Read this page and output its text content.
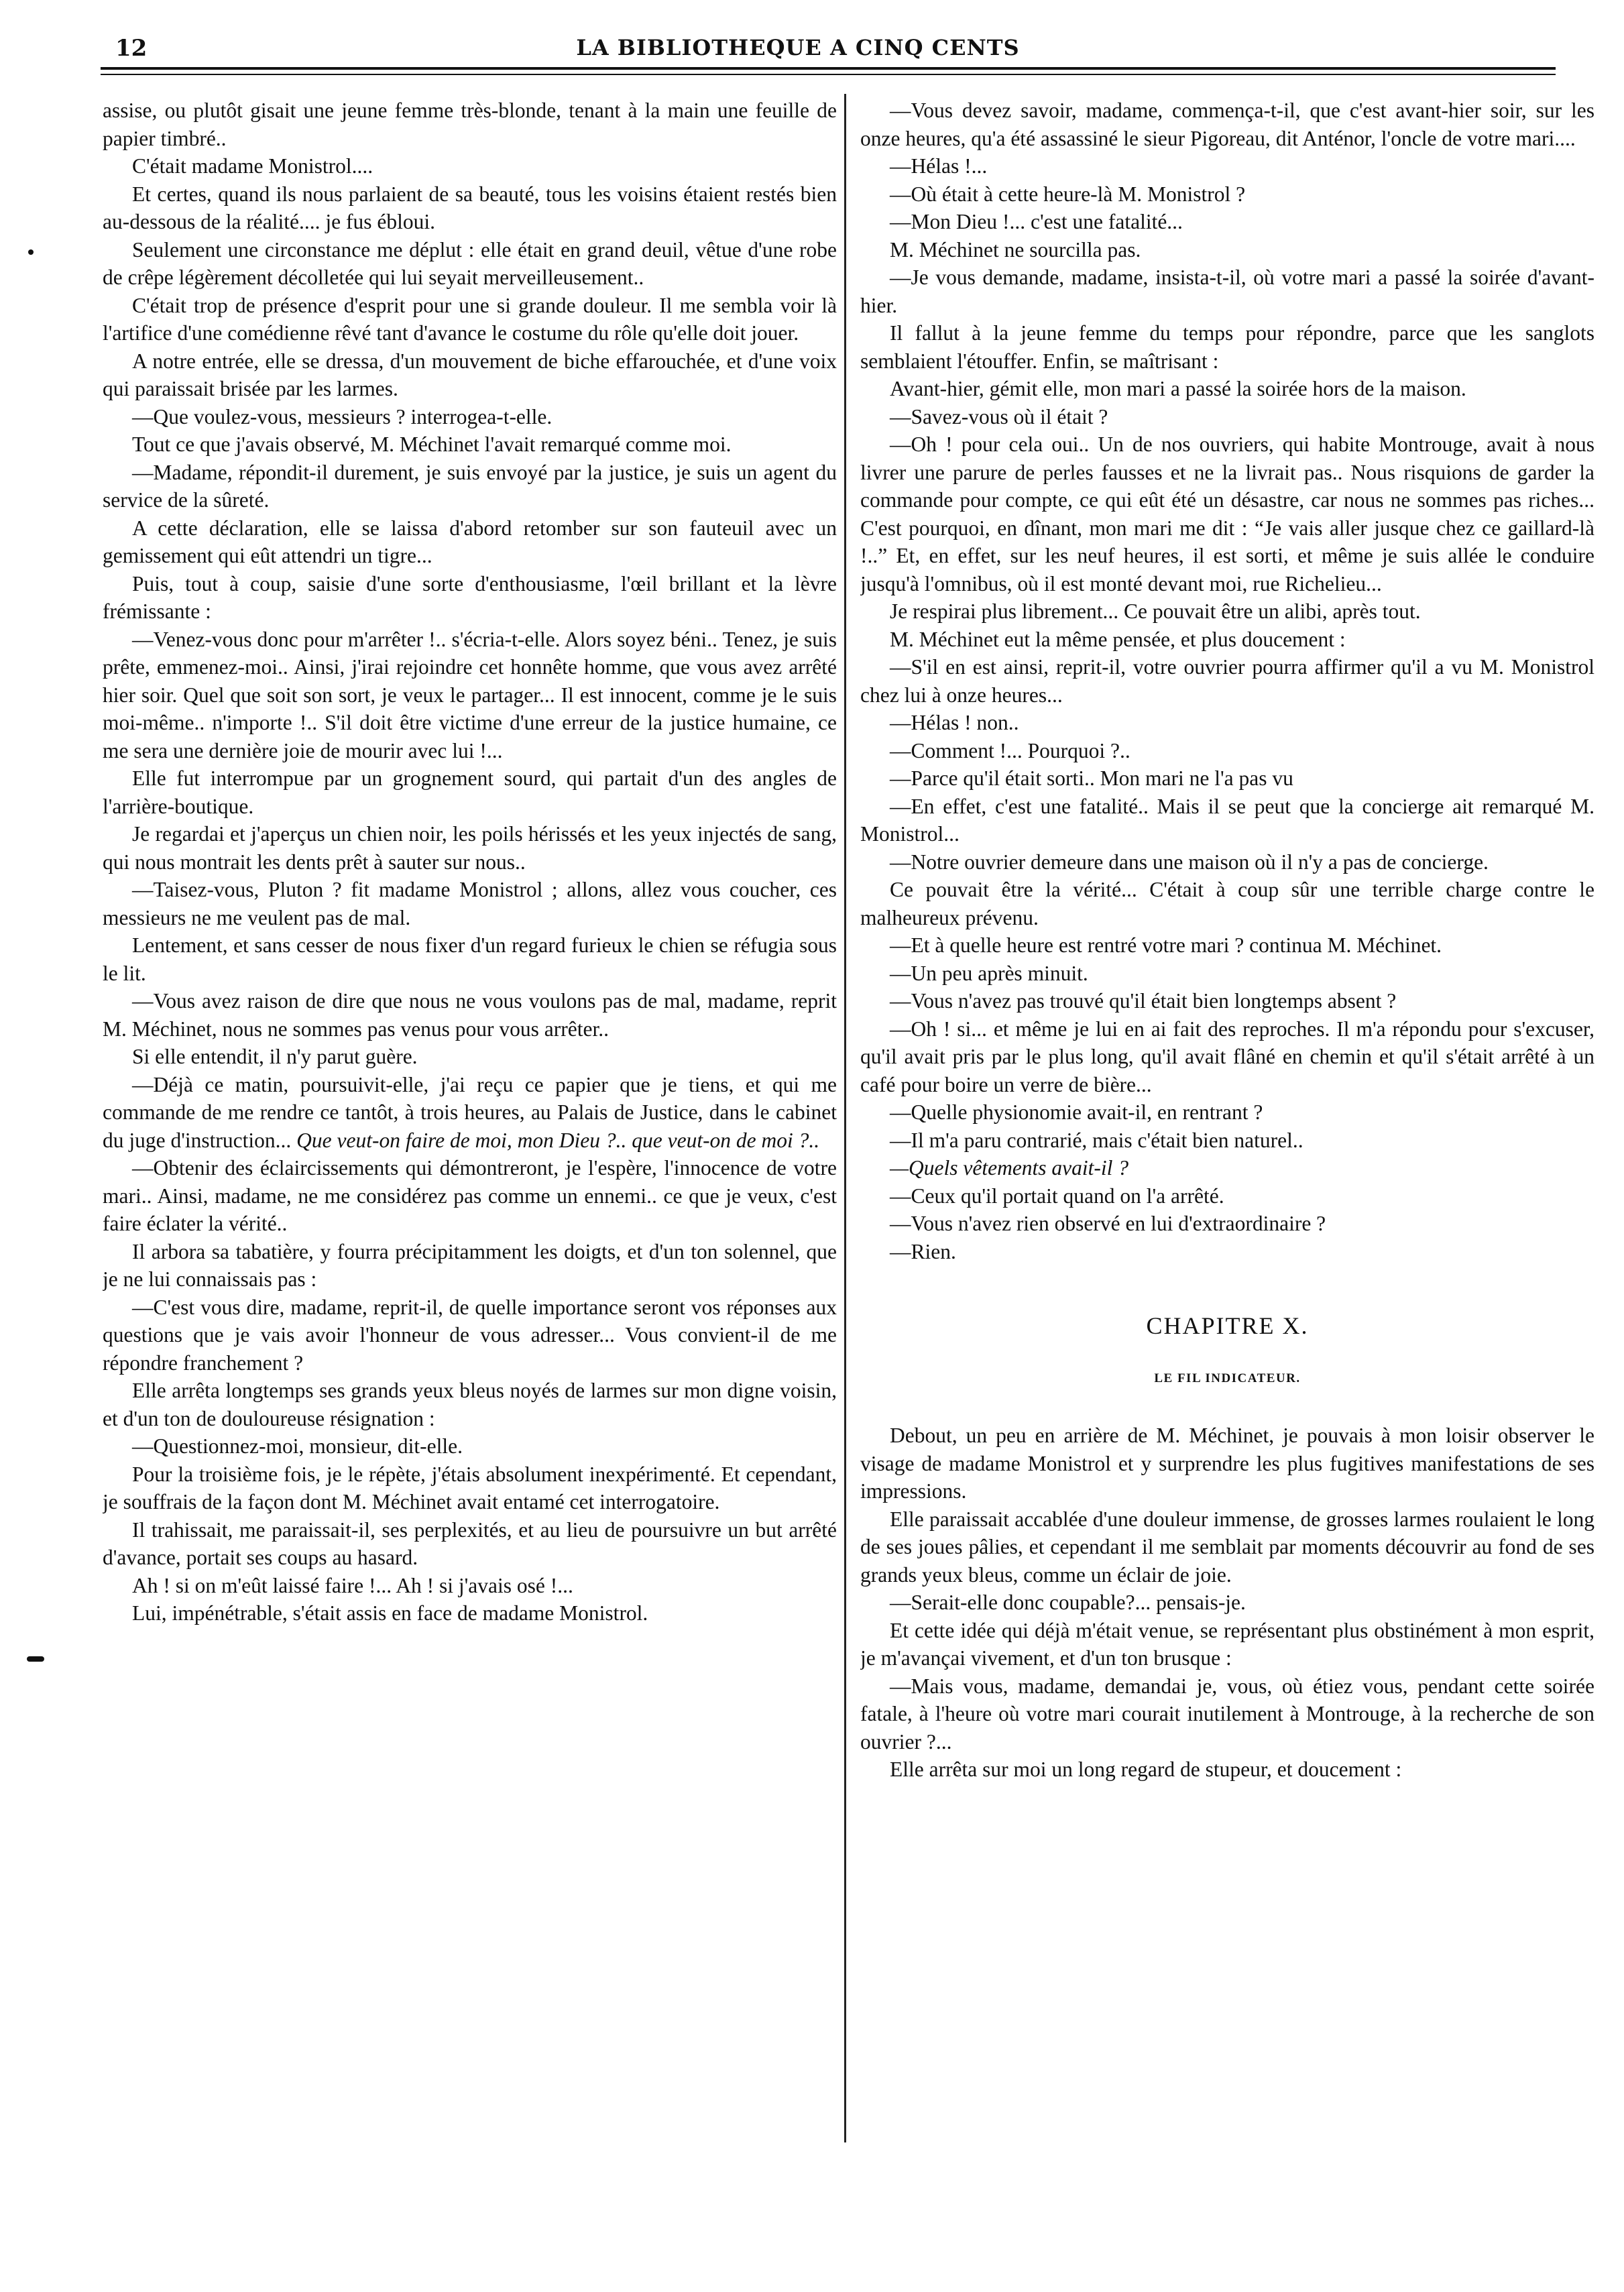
12	LA BIBLIOTHEQUE A CINQ CENTS

assise, ou plutôt gisait une jeune femme très-blonde, tenant à la main une feuille de papier timbré..

C'était madame Monistrol....

Et certes, quand ils nous parlaient de sa beauté, tous les voisins étaient restés bien au-dessous de la réalité.... je fus ébloui.

Seulement une circonstance me déplut : elle était en grand deuil, vêtue d'une robe de crêpe légèrement décolletée qui lui seyait merveilleusement..

C'était trop de présence d'esprit pour une si grande douleur. Il me sembla voir là l'artifice d'une comédienne rêvé tant d'avance le costume du rôle qu'elle doit jouer.

A notre entrée, elle se dressa, d'un mouvement de biche effarouchée, et d'une voix qui paraissait brisée par les larmes.

—Que voulez-vous, messieurs ? interrogea-t-elle.

Tout ce que j'avais observé, M. Méchinet l'avait remarqué comme moi.

—Madame, répondit-il durement, je suis envoyé par la justice, je suis un agent du service de la sûreté.

A cette déclaration, elle se laissa d'abord retomber sur son fauteuil avec un gemissement qui eût attendri un tigre...

Puis, tout à coup, saisie d'une sorte d'enthousiasme, l'œil brillant et la lèvre frémissante :

—Venez-vous donc pour m'arrêter !.. s'écria-t-elle. Alors soyez béni.. Tenez, je suis prête, emmenez-moi.. Ainsi, j'irai rejoindre cet honnête homme, que vous avez arrêté hier soir. Quel que soit son sort, je veux le partager... Il est innocent, comme je le suis moi-même.. n'importe !.. S'il doit être victime d'une erreur de la justice humaine, ce me sera une dernière joie de mourir avec lui !...

Elle fut interrompue par un grognement sourd, qui partait d'un des angles de l'arrière-boutique.

Je regardai et j'aperçus un chien noir, les poils hérissés et les yeux injectés de sang, qui nous montrait les dents prêt à sauter sur nous..

—Taisez-vous, Pluton ? fit madame Monistrol ; allons, allez vous coucher, ces messieurs ne me veulent pas de mal.

Lentement, et sans cesser de nous fixer d'un regard furieux le chien se réfugia sous le lit.

—Vous avez raison de dire que nous ne vous voulons pas de mal, madame, reprit M. Méchinet, nous ne sommes pas venus pour vous arrêter..

Si elle entendit, il n'y parut guère.

—Déjà ce matin, poursuivit-elle, j'ai reçu ce papier que je tiens, et qui me commande de me rendre ce tantôt, à trois heures, au Palais de Justice, dans le cabinet du juge d'instruction... Que veut-on faire de moi, mon Dieu ?.. que veut-on de moi ?..

—Obtenir des éclaircissements qui démontreront, je l'espère, l'innocence de votre mari.. Ainsi, madame, ne me considérez pas comme un ennemi.. ce que je veux, c'est faire éclater la vérité..

Il arbora sa tabatière, y fourra précipitamment les doigts, et d'un ton solennel, que je ne lui connaissais pas :

—C'est vous dire, madame, reprit-il, de quelle importance seront vos réponses aux questions que je vais avoir l'honneur de vous adresser... Vous convient-il de me répondre franchement ?

Elle arrêta longtemps ses grands yeux bleus noyés de larmes sur mon digne voisin, et d'un ton de douloureuse résignation :

—Questionnez-moi, monsieur, dit-elle.

Pour la troisième fois, je le répète, j'étais absolument inexpérimenté. Et cependant, je souffrais de la façon dont M. Méchinet avait entamé cet interrogatoire.

Il trahissait, me paraissait-il, ses perplexités, et au lieu de poursuivre un but arrêté d'avance, portait ses coups au hasard.

Ah ! si on m'eût laissé faire !... Ah ! si j'avais osé !...

Lui, impénétrable, s'était assis en face de madame Monistrol.

—Vous devez savoir, madame, commença-t-il, que c'est avant-hier soir, sur les onze heures, qu'a été assassiné le sieur Pigoreau, dit Anténor, l'oncle de votre mari....

—Hélas !...

—Où était à cette heure-là M. Monistrol ?

—Mon Dieu !... c'est une fatalité...

M. Méchinet ne sourcilla pas.

—Je vous demande, madame, insista-t-il, où votre mari a passé la soirée d'avant-hier.

Il fallut à la jeune femme du temps pour répondre, parce que les sanglots semblaient l'étouffer. Enfin, se maîtrisant :

Avant-hier, gémit elle, mon mari a passé la soirée hors de la maison.

—Savez-vous où il était ?

—Oh ! pour cela oui.. Un de nos ouvriers, qui habite Montrouge, avait à nous livrer une parure de perles fausses et ne la livrait pas.. Nous risquions de garder la commande pour compte, ce qui eût été un désastre, car nous ne sommes pas riches... C'est pourquoi, en dînant, mon mari me dit : “Je vais aller jusque chez ce gaillard-là !..” Et, en effet, sur les neuf heures, il est sorti, et même je suis allée le conduire jusqu'à l'omnibus, où il est monté devant moi, rue Richelieu...

Je respirai plus librement... Ce pouvait être un alibi, après tout.

M. Méchinet eut la même pensée, et plus doucement :

—S'il en est ainsi, reprit-il, votre ouvrier pourra affirmer qu'il a vu M. Monistrol chez lui à onze heures...

—Hélas ! non..

—Comment !... Pourquoi ?..

—Parce qu'il était sorti.. Mon mari ne l'a pas vu

—En effet, c'est une fatalité.. Mais il se peut que la concierge ait remarqué M. Monistrol...

—Notre ouvrier demeure dans une maison où il n'y a pas de concierge.

Ce pouvait être la vérité... C'était à coup sûr une terrible charge contre le malheureux prévenu.

—Et à quelle heure est rentré votre mari ? continua M. Méchinet.

—Un peu après minuit.

—Vous n'avez pas trouvé qu'il était bien longtemps absent ?

—Oh ! si... et même je lui en ai fait des reproches. Il m'a répondu pour s'excuser, qu'il avait pris par le plus long, qu'il avait flâné en chemin et qu'il s'était arrêté à un café pour boire un verre de bière...

—Quelle physionomie avait-il, en rentrant ?

—Il m'a paru contrarié, mais c'était bien naturel..

—Quels vêtements avait-il ?

—Ceux qu'il portait quand on l'a arrêté.

—Vous n'avez rien observé en lui d'extraordinaire ?

—Rien.

CHAPITRE X.
LE FIL INDICATEUR.

Debout, un peu en arrière de M. Méchinet, je pouvais à mon loisir observer le visage de madame Monistrol et y surprendre les plus fugitives manifestations de ses impressions.

Elle paraissait accablée d'une douleur immense, de grosses larmes roulaient le long de ses joues pâlies, et cependant il me semblait par moments découvrir au fond de ses grands yeux bleus, comme un éclair de joie.

—Serait-elle donc coupable?... pensais-je.

Et cette idée qui déjà m'était venue, se représentant plus obstinément à mon esprit, je m'avançai vivement, et d'un ton brusque :

—Mais vous, madame, demandai je, vous, où étiez vous, pendant cette soirée fatale, à l'heure où votre mari courait inutilement à Montrouge, à la recherche de son ouvrier ?...

Elle arrêta sur moi un long regard de stupeur, et doucement :
